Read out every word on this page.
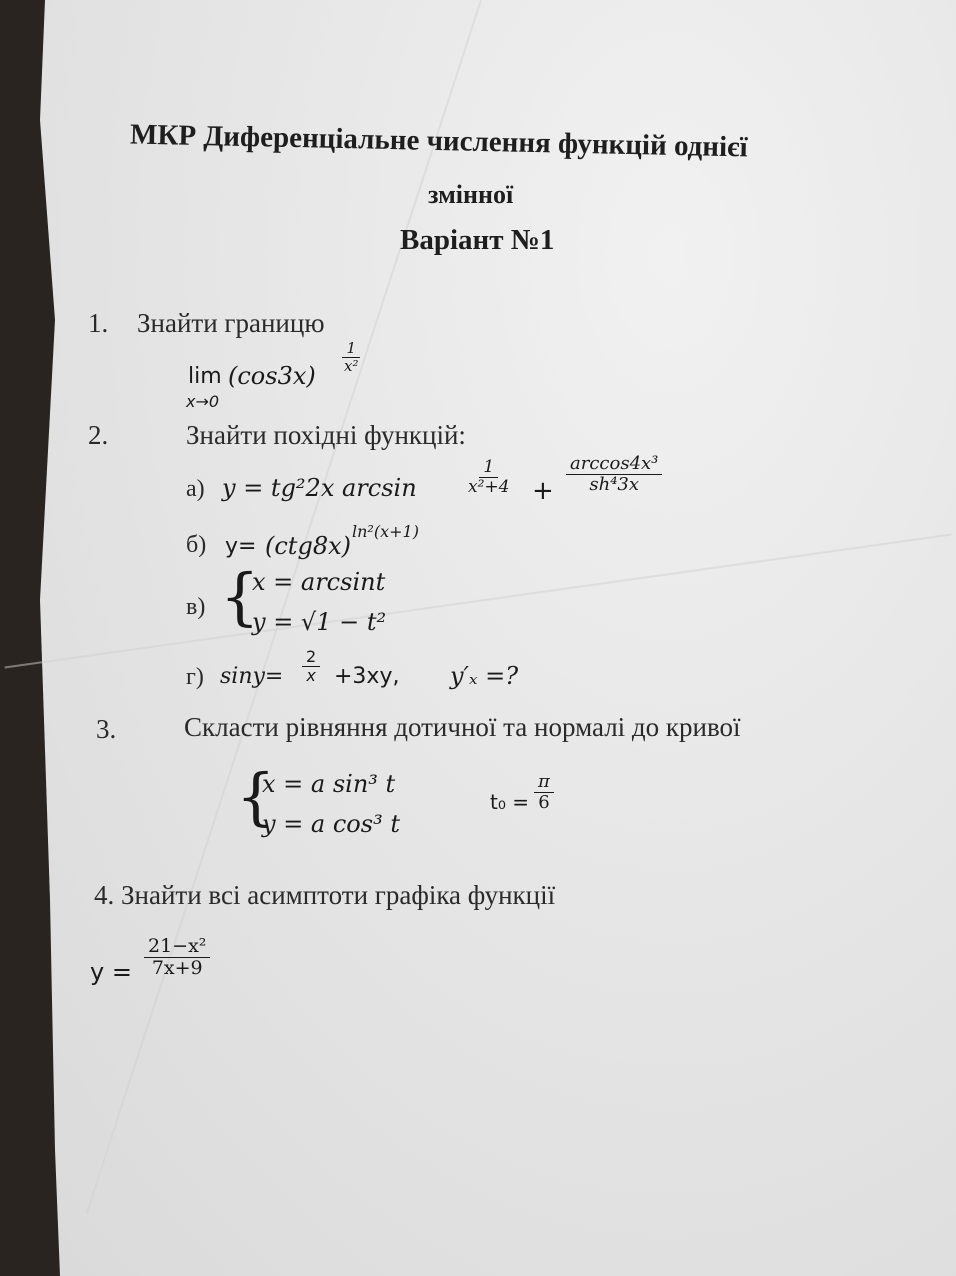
МКР Диференціальне числення функцій однієї
змінної
Варіант №1
1. Знайти границю
lim
x→0
(cos3x)
$\frac{1}{\text{x²}}$
2.	Знайти похідні функцій:
а) y = tg²2x arcsin	$\frac{1}{\text{x²+4}} + \frac{\text{arccos4x³}}{\text{sh⁴3x}}$
б) y= (ctg8x)
ln²(x+1)
в) {
x = arcsint
y = √1 − t²
г) $\sin y= \frac{2}{x} +3xy$, y′ₓ =?
3.	Скласти рівняння дотичної та нормалі до кривої
{
x = a sin³ t
y = a cos³ t
$t_0 = \frac{\pi}{6}$
4. Знайти всі асимптоти графіка функції
$y = \frac{\text{21−x²}}{7x+9}$
